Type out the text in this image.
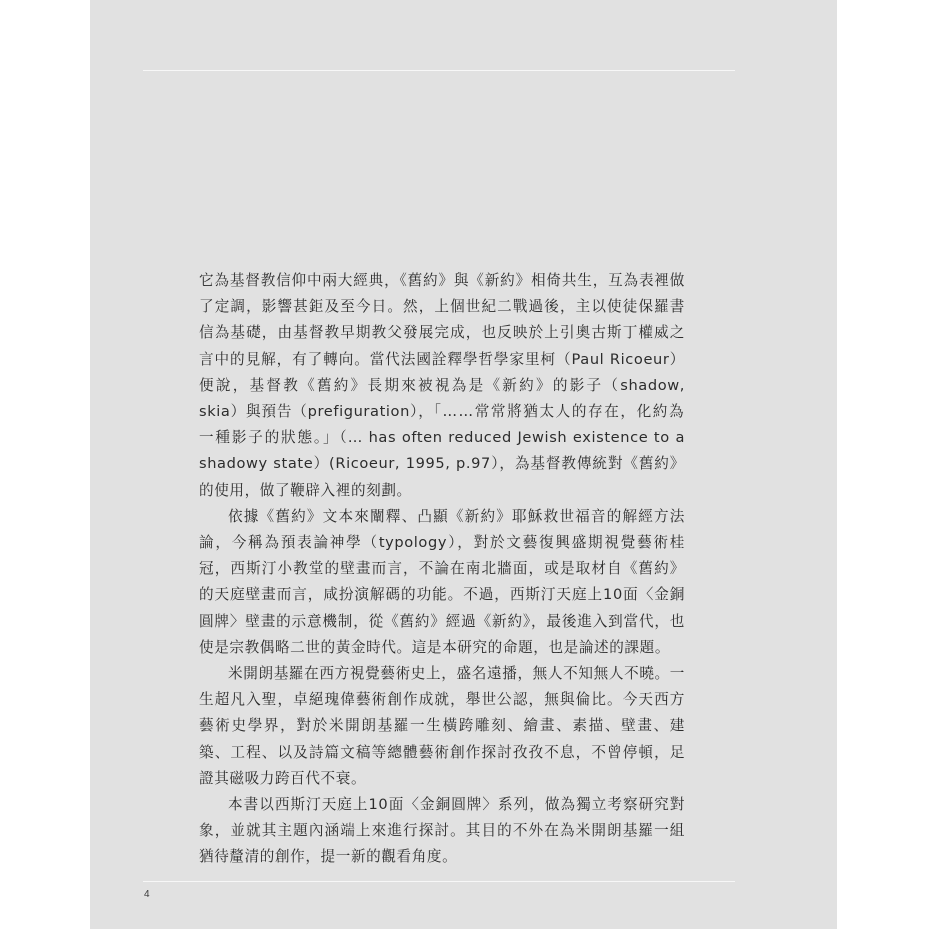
它為基督教信仰中兩大經典，《舊約》與《新約》相倚共生，互為表裡做了定調，影響甚鉅及至今日。然，上個世紀二戰過後，主以使徒保羅書信為基礎，由基督教早期教父發展完成，也反映於上引奧古斯丁權威之言中的見解，有了轉向。當代法國詮釋學哲學家里柯（Paul Ricoeur）便說，基督教《舊約》長期來被視為是《新約》的影子（shadow, skia）與預告（prefiguration），「……常常將猶太人的存在，化約為一種影子的狀態。」（… has often reduced Jewish existence to a shadowy state）(Ricoeur, 1995, p.97），為基督教傳統對《舊約》的使用，做了鞭辟入裡的刻劃。

依據《舊約》文本來闡釋、凸顯《新約》耶穌救世福音的解經方法論，今稱為預表論神學（typology），對於文藝復興盛期視覺藝術桂冠，西斯汀小教堂的壁畫而言，不論在南北牆面，或是取材自《舊約》的天庭壁畫而言，咸扮演解碼的功能。不過，西斯汀天庭上10面〈金銅圓牌〉壁畫的示意機制，從《舊約》經過《新約》，最後進入到當代，也使是宗教偶略二世的黃金時代。這是本研究的命題，也是論述的課題。

米開朗基羅在西方視覺藝術史上，盛名遠播，無人不知無人不曉。一生超凡入聖，卓絕瑰偉藝術創作成就，舉世公認，無與倫比。今天西方藝術史學界，對於米開朗基羅一生橫跨雕刻、繪畫、素描、壁畫、建築、工程、以及詩篇文稿等總體藝術創作探討孜孜不息，不曾停頓，足證其磁吸力跨百代不衰。

本書以西斯汀天庭上10面〈金銅圓牌〉系列，做為獨立考察研究對象，並就其主題內涵端上來進行探討。其目的不外在為米開朗基羅一組猶待釐清的創作，提一新的觀看角度。

4
